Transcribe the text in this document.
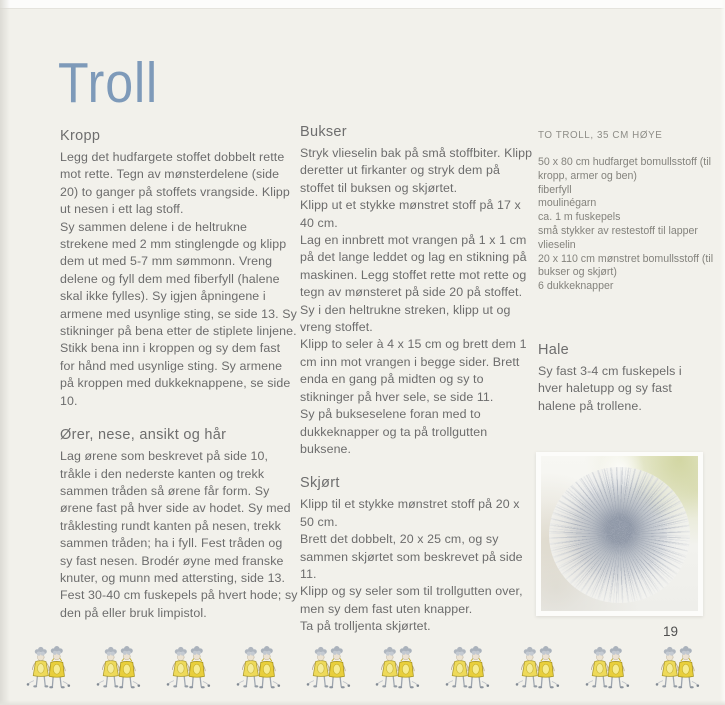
Troll
Kropp

Legg det hudfargete stoffet dobbelt rette mot rette. Tegn av mønsterdelene (side 20) to ganger på stoffets vrangside. Klipp ut nesen i ett lag stoff.

Sy sammen delene i de heltrukne strekene med 2 mm stinglengde og klipp dem ut med 5-7 mm sømmonn. Vreng delene og fyll dem med fiberfyll (halene skal ikke fylles). Sy igjen åpningene i armene med usynlige sting, se side 13. Sy stikninger på bena etter de stiplete linjene. Stikk bena inn i kroppen og sy dem fast for hånd med usynlige sting. Sy armene på kroppen med dukkeknappene, se side 10.

Ører, nese, ansikt og hår

Lag ørene som beskrevet på side 10, tråkle i den nederste kanten og trekk sammen tråden så ørene får form. Sy ørene fast på hver side av hodet. Sy med tråklesting rundt kanten på nesen, trekk sammen tråden; ha i fyll. Fest tråden og sy fast nesen. Brodér øyne med franske knuter, og munn med attersting, side 13.

Fest 30-40 cm fuskepels på hvert hode; sy den på eller bruk limpistol.

Bukser

Stryk vlieselin bak på små stoffbiter. Klipp deretter ut firkanter og stryk dem på stoffet til buksen og skjørtet.

Klipp ut et stykke mønstret stoff på 17 x 40 cm.

Lag en innbrett mot vrangen på 1 x 1 cm på det lange leddet og lag en stikning på maskinen. Legg stoffet rette mot rette og tegn av mønsteret på side 20 på stoffet. Sy i den heltrukne streken, klipp ut og vreng stoffet.

Klipp to seler à 4 x 15 cm og brett dem 1 cm inn mot vrangen i begge sider. Brett enda en gang på midten og sy to stikninger på hver sele, se side 11.

Sy på bukseselene foran med to dukkeknapper og ta på trollgutten buksene.

Skjørt

Klipp til et stykke mønstret stoff på 20 x 50 cm.

Brett det dobbelt, 20 x 25 cm, og sy sammen skjørtet som beskrevet på side 11.

Klipp og sy seler som til trollgutten over, men sy dem fast uten knapper.

Ta på trolljenta skjørtet.

TO TROLL, 35 CM HØYE
50 x 80 cm hudfarget bomullsstoff (til kropp, armer og ben)
fiberfyll
moulinégarn
ca. 1 m fuskepels
små stykker av restestoff til lapper
vlieselin
20 x 110 cm mønstret bomullsstoff (til bukser og skjørt)
6 dukkeknapper
Hale

Sy fast 3-4 cm fuskepels i hver haletupp og sy fast halene på trollene.

19
